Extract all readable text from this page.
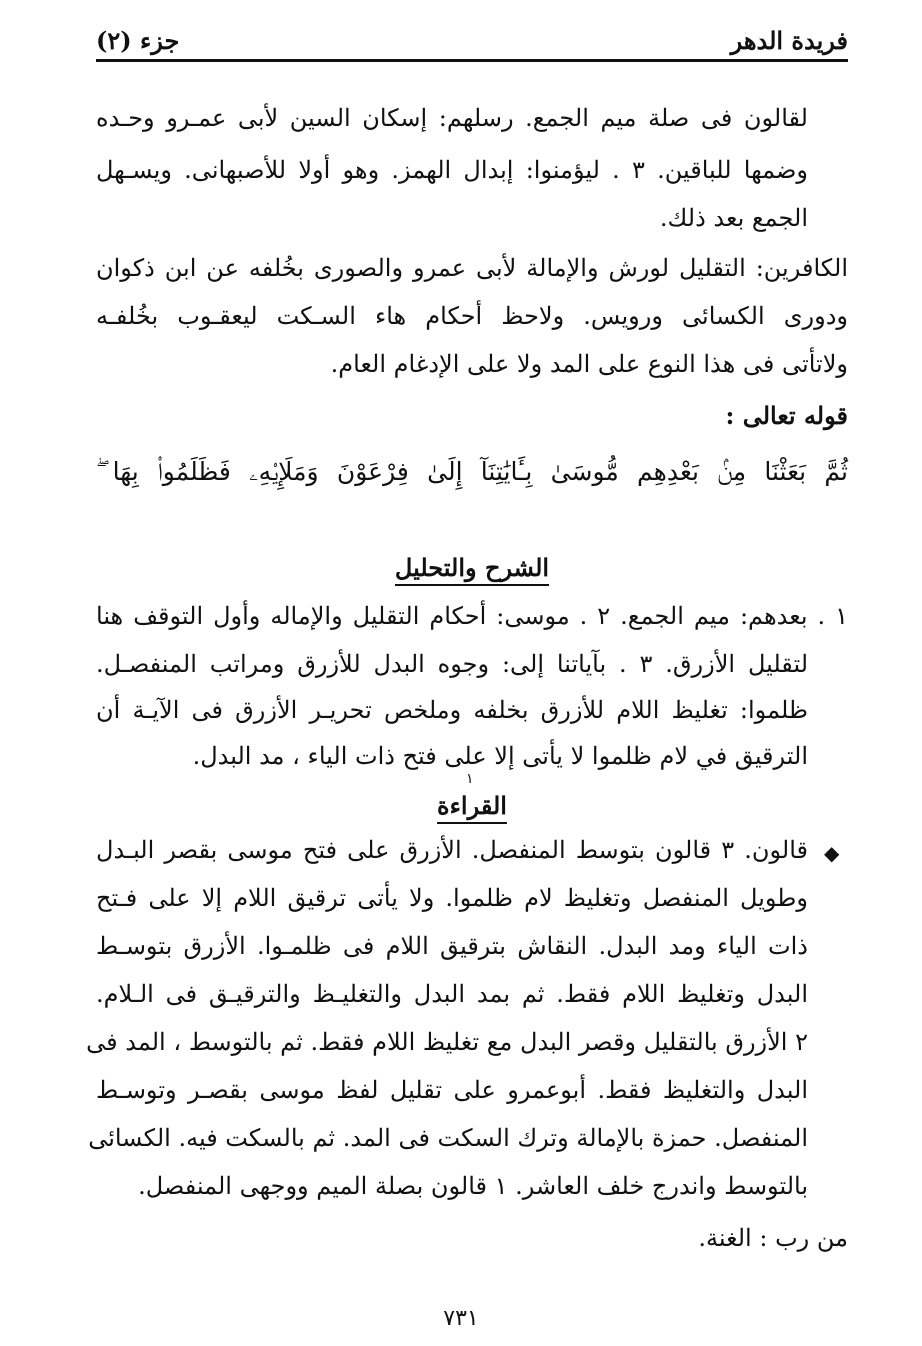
فريدة الدهر
جزء (٢)
لقالون فى صلة ميم الجمع. رسلهم: إسكان السين لأبى عمـرو وحـده
وضمها للباقين. ٣ . ليؤمنوا: إبدال الهمز. وهو أولا للأصبهانى. ويسـهل
الجمع بعد ذلك.
الكافرين: التقليل لورش والإمالة لأبى عمرو والصورى بخُلفه عن ابن ذكوان
ودورى الكسائى ورويس. ولاحظ أحكام هاء السـكت ليعقـوب بخُلفـه
ولاتأتى فى هذا النوع على المد ولا على الإدغام العام.
قوله تعالى :
ثُمَّ بَعَثْنَا مِنۢ بَعْدِهِم مُّوسَىٰ بِـَٔايَٰتِنَآ إِلَىٰ فِرْعَوْنَ وَمَلَإِي۟هِۦ فَظَلَمُوا۟ بِهَا ۖ
الشرح والتحليل
١ . بعدهم: ميم الجمع. ٢ . موسى: أحكام التقليل والإماله وأول التوقف هنا
لتقليل الأزرق. ٣ . بآياتنا إلى: وجوه البدل للأزرق ومراتب المنفصـل.
ظلموا: تغليظ اللام للأزرق بخلفه وملخص تحريـر الأزرق فى الآيـة أن
الترقيق في لام ظلموا لا يأتى إلا على فتح ذات الياء ، مد البدل.
١
القراءة
◆
قالون. ٣ قالون بتوسط المنفصل. الأزرق على فتح موسى بقصر البـدل
وطويل المنفصل وتغليظ لام ظلموا. ولا يأتى ترقيق اللام إلا على فـتح
ذات الياء ومد البدل. النقاش بترقيق اللام فى ظلمـوا. الأزرق بتوسـط
البدل وتغليظ اللام فقط. ثم بمد البدل والتغليـظ والترقيـق فى الـلام.
٢ الأزرق بالتقليل وقصر البدل مع تغليظ اللام فقط. ثم بالتوسط ، المد فى
البدل والتغليظ فقط. أبوعمرو على تقليل لفظ موسى بقصـر وتوسـط
المنفصل. حمزة بالإمالة وترك السكت فى المد. ثم بالسكت فيه. الكسائى
بالتوسط واندرج خلف العاشر. ١ قالون بصلة الميم ووجهى المنفصل.
من رب : الغنة.
٧٣١
